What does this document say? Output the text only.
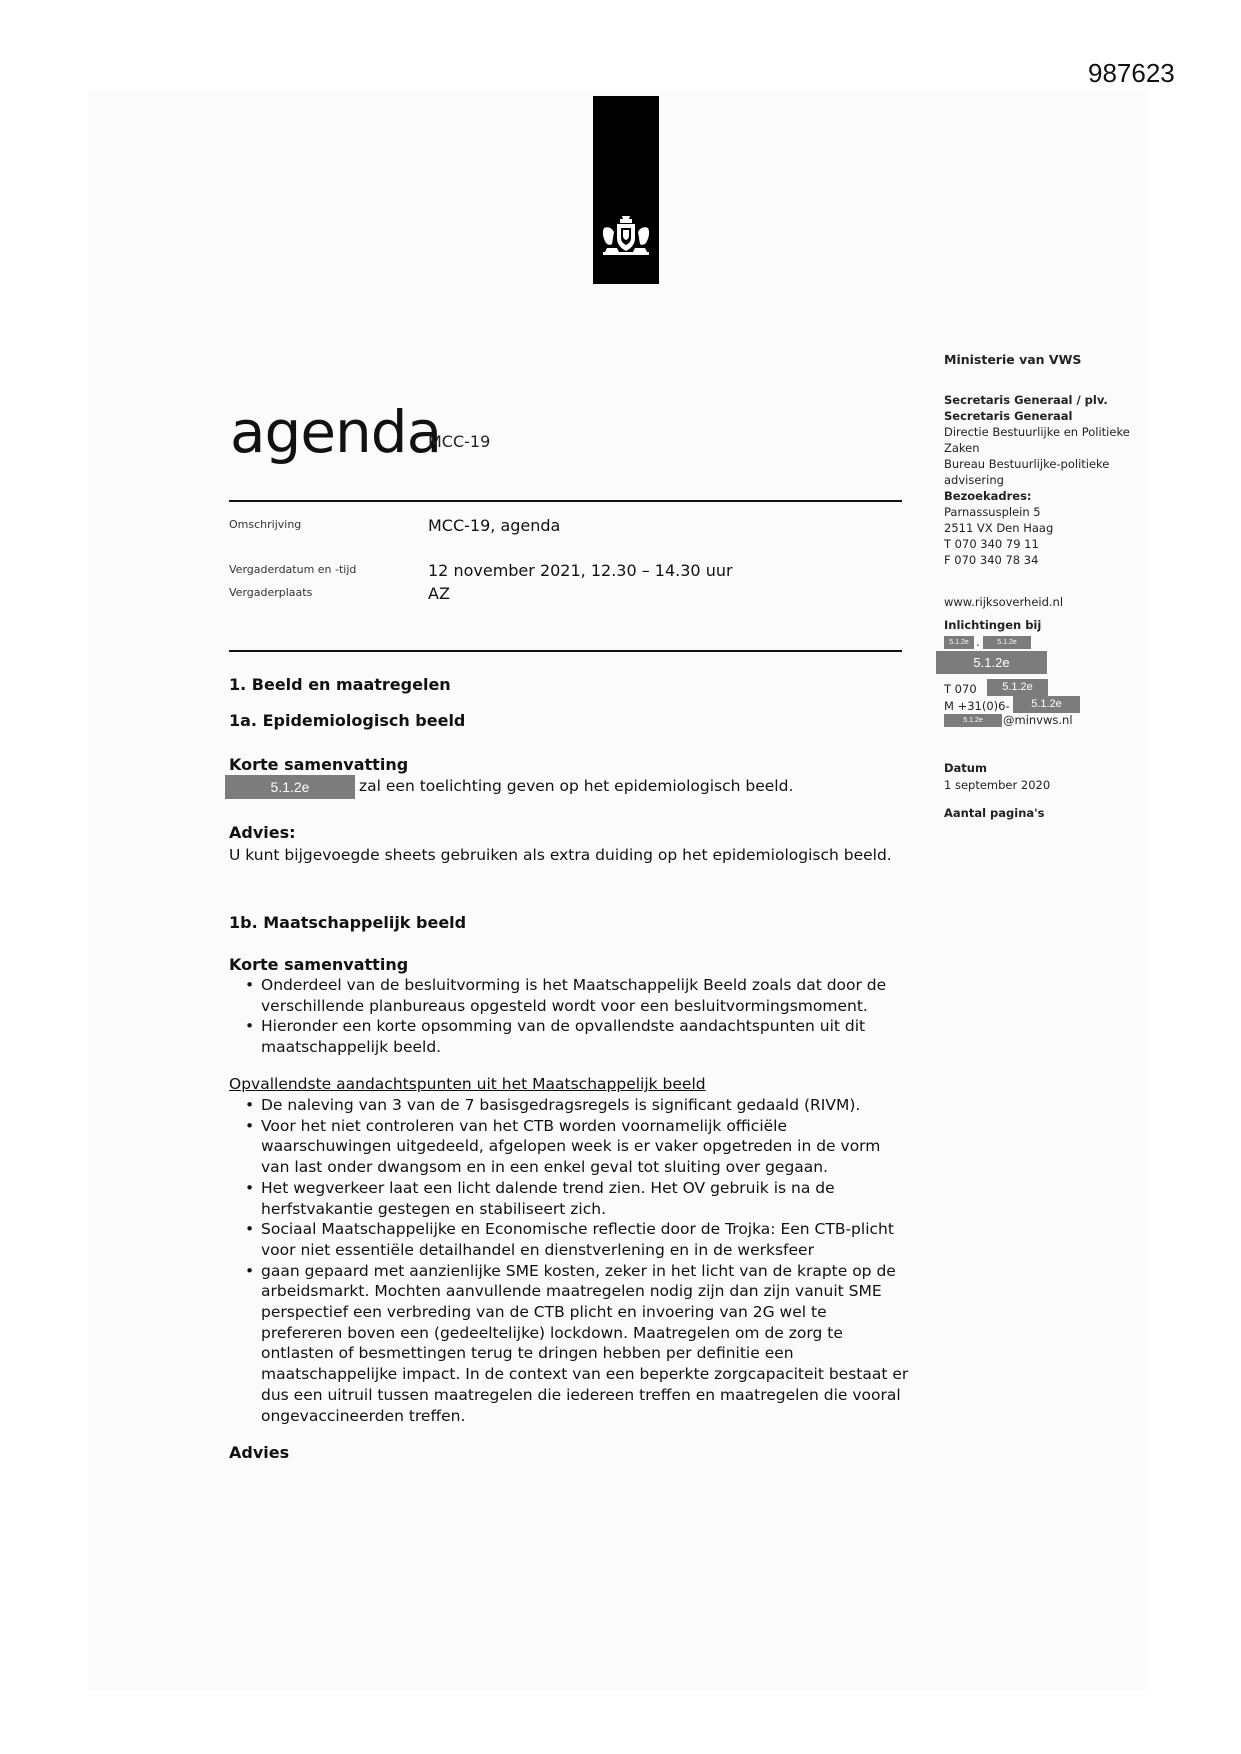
987623
agenda
MCC-19
Omschrijving	MCC-19, agenda
Vergaderdatum en -tijd	12 november 2021, 12.30 – 14.30 uur
Vergaderplaats	AZ
1. Beeld en maatregelen
1a. Epidemiologisch beeld
Korte samenvatting
5.1.2e	zal een toelichting geven op het epidemiologisch beeld.
Advies:
U kunt bijgevoegde sheets gebruiken als extra duiding op het epidemiologisch beeld.
1b. Maatschappelijk beeld
Korte samenvatting
• Onderdeel van de besluitvorming is het Maatschappelijk Beeld zoals dat door de verschillende planbureaus opgesteld wordt voor een besluitvormingsmoment.
• Hieronder een korte opsomming van de opvallendste aandachtspunten uit dit maatschappelijk beeld.
Opvallendste aandachtspunten uit het Maatschappelijk beeld
• De naleving van 3 van de 7 basisgedragsregels is significant gedaald (RIVM).
• Voor het niet controleren van het CTB worden voornamelijk officiële waarschuwingen uitgedeeld, afgelopen week is er vaker opgetreden in de vorm van last onder dwangsom en in een enkel geval tot sluiting over gegaan.
• Het wegverkeer laat een licht dalende trend zien. Het OV gebruik is na de herfstvakantie gestegen en stabiliseert zich.
• Sociaal Maatschappelijke en Economische reflectie door de Trojka: Een CTB-plicht voor niet essentiële detailhandel en dienstverlening en in de werksfeer
• gaan gepaard met aanzienlijke SME kosten, zeker in het licht van de krapte op de arbeidsmarkt. Mochten aanvullende maatregelen nodig zijn dan zijn vanuit SME perspectief een verbreding van de CTB plicht en invoering van 2G wel te prefereren boven een (gedeeltelijke) lockdown. Maatregelen om de zorg te ontlasten of besmettingen terug te dringen hebben per definitie een maatschappelijke impact. In de context van een beperkte zorgcapaciteit bestaat er dus een uitruil tussen maatregelen die iedereen treffen en maatregelen die vooral ongevaccineerden treffen.
Advies
Ministerie van VWS
Secretaris Generaal / plv.
Secretaris Generaal
Directie Bestuurlijke en Politieke
Zaken
Bureau Bestuurlijke-politieke
advisering
Bezoekadres:
Parnassusplein 5
2511 VX Den Haag
T 070 340 79 11
F 070 340 78 34
www.rijksoverheid.nl
Inlichtingen bij
5.1.2e .	5.1.2e
5.1.2e
T 070	5.1.2e
M +31(0)6-	5.1.2e
5.1.2e	@minvws.nl
Datum
1 september 2020
Aantal pagina's
